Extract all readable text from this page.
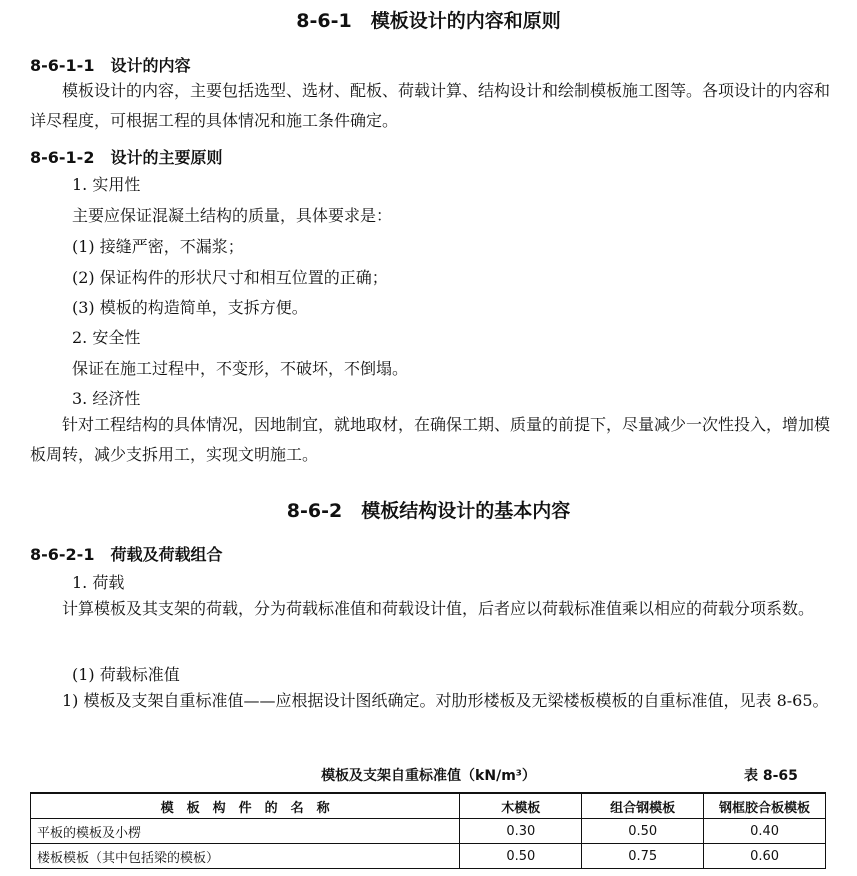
8-6-1　模板设计的内容和原则
8-6-1-1　设计的内容
模板设计的内容，主要包括选型、选材、配板、荷载计算、结构设计和绘制模板施工图等。各项设计的内容和详尽程度，可根据工程的具体情况和施工条件确定。
8-6-1-2　设计的主要原则
1. 实用性
主要应保证混凝土结构的质量，具体要求是：
(1) 接缝严密，不漏浆；
(2) 保证构件的形状尺寸和相互位置的正确；
(3) 模板的构造简单，支拆方便。
2. 安全性
保证在施工过程中，不变形，不破坏，不倒塌。
3. 经济性
针对工程结构的具体情况，因地制宜，就地取材，在确保工期、质量的前提下，尽量减少一次性投入，增加模板周转，减少支拆用工，实现文明施工。
8-6-2　模板结构设计的基本内容
8-6-2-1　荷载及荷载组合
1. 荷载
计算模板及其支架的荷载，分为荷载标准值和荷载设计值，后者应以荷载标准值乘以相应的荷载分项系数。
(1) 荷载标准值
1) 模板及支架自重标准值——应根据设计图纸确定。对肋形楼板及无梁楼板模板的自重标准值，见表 8-65。
模板及支架自重标准值（kN/m³）	表 8-65
模　板　构　件　的　名　称	木模板	组合钢模板	钢框胶合板模板
平板的模板及小楞	0.30	0.50	0.40
楼板模板（其中包括梁的模板）	0.50	0.75	0.60
